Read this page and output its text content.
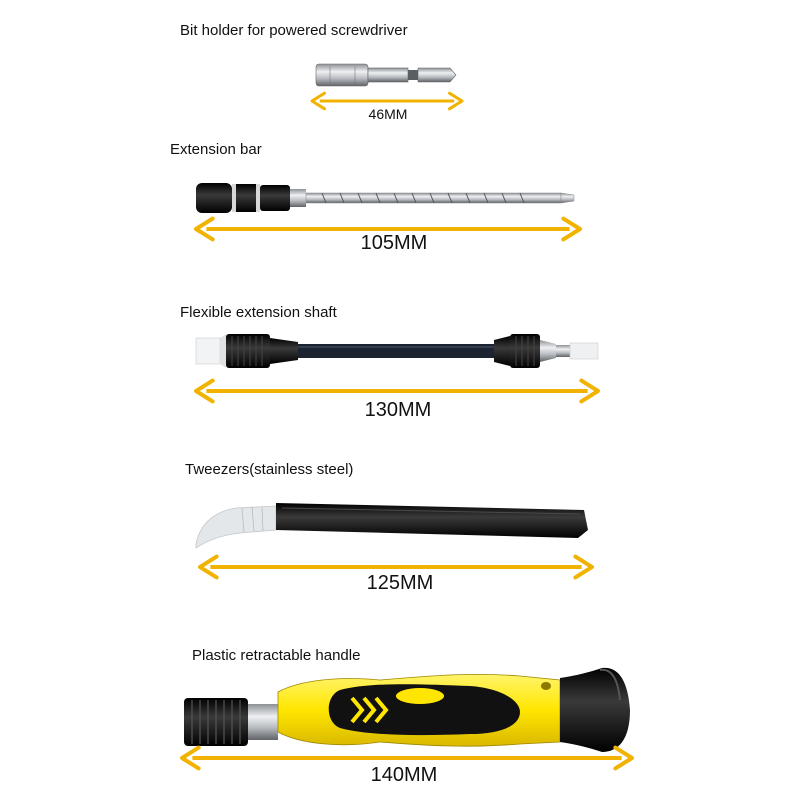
Bit holder for powered screwdriver
46MM
Extension bar
105MM
Flexible extension shaft
130MM
Tweezers(stainless steel)
125MM
Plastic retractable handle
140MM
